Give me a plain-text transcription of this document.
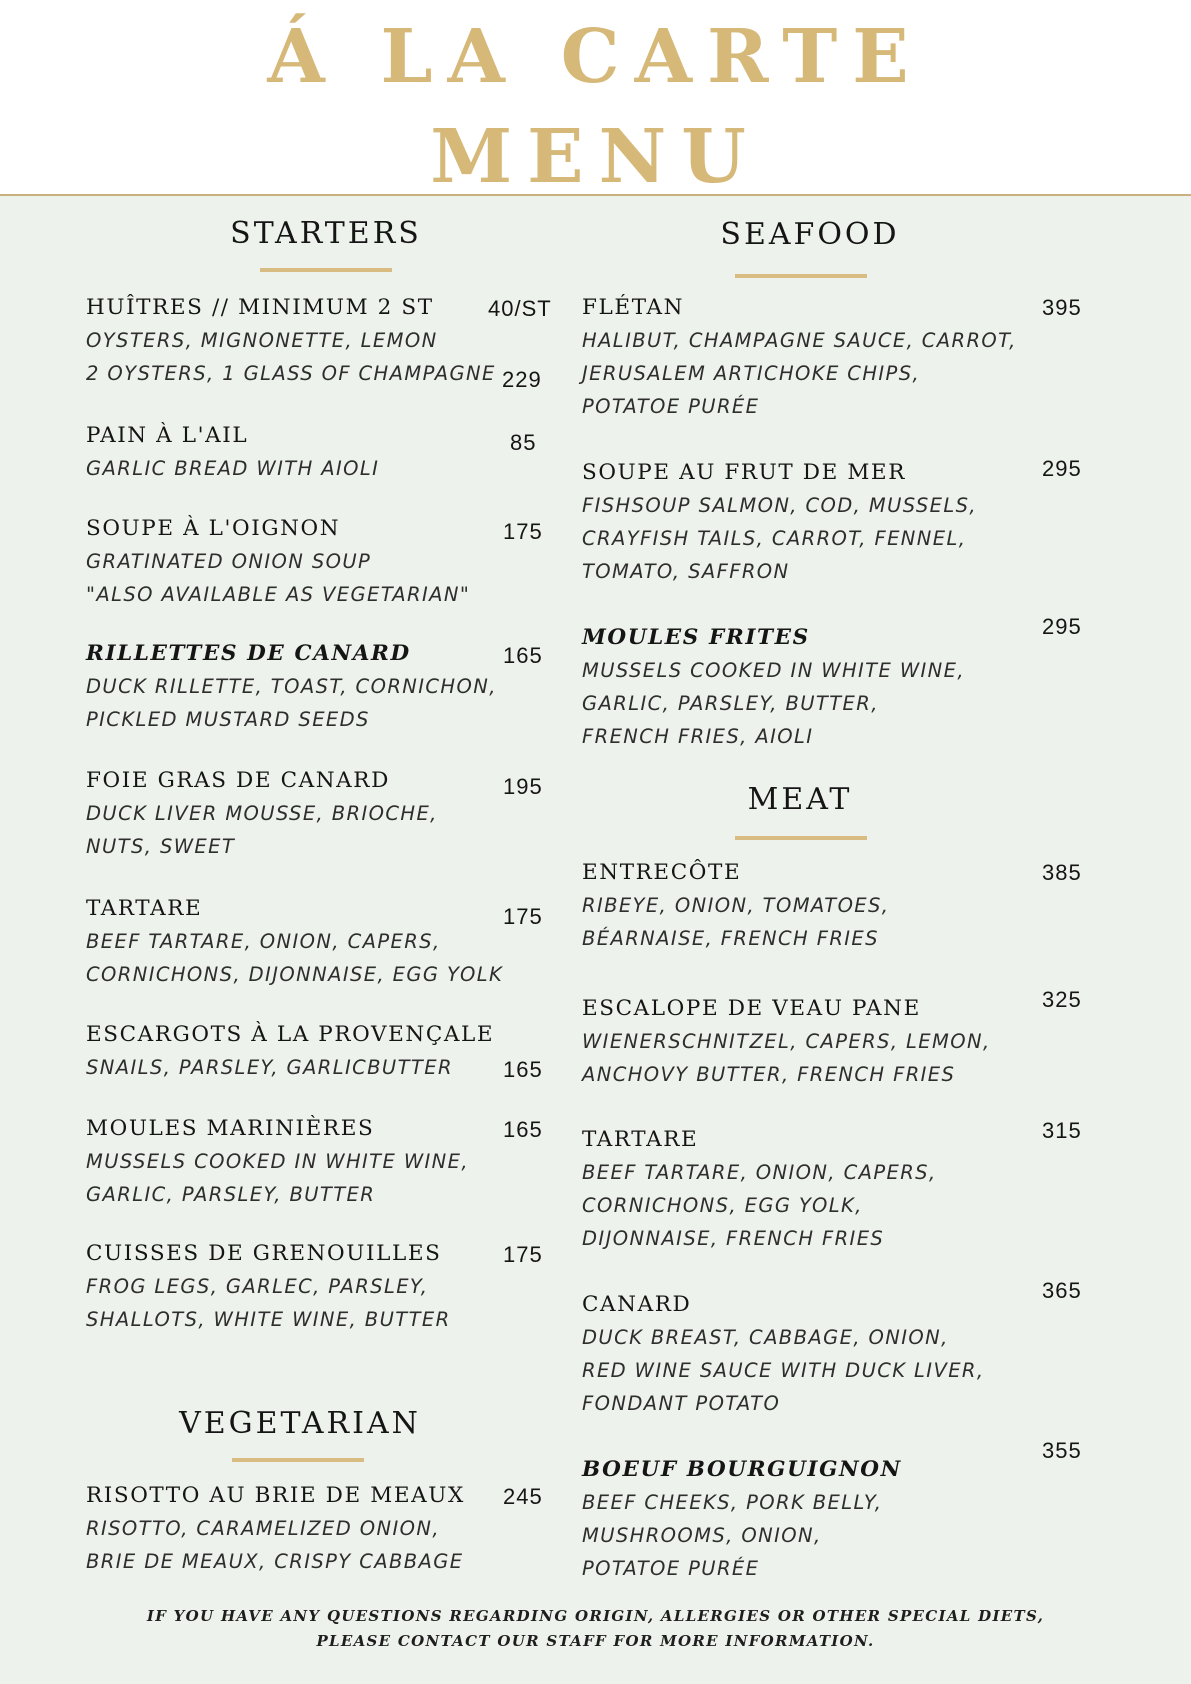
Á LA CARTE
MENU
STARTERS
HUÎTRES // MINIMUM 2 ST
OYSTERS, MIGNONETTE, LEMON
2 OYSTERS, 1 GLASS OF CHAMPAGNE
40/ST
229
PAIN À L'AIL
GARLIC BREAD WITH AIOLI
85
SOUPE À L'OIGNON
GRATINATED ONION SOUP
"ALSO AVAILABLE AS VEGETARIAN"
175
RILLETTES DE CANARD
DUCK RILLETTE, TOAST, CORNICHON,
PICKLED MUSTARD SEEDS
165
FOIE GRAS DE CANARD
DUCK LIVER MOUSSE, BRIOCHE,
NUTS, SWEET
195
TARTARE
BEEF TARTARE, ONION, CAPERS,
CORNICHONS, DIJONNAISE, EGG YOLK
175
ESCARGOTS À LA PROVENÇALE
SNAILS, PARSLEY, GARLICBUTTER	165
MOULES MARINIÈRES
MUSSELS COOKED IN WHITE WINE,
GARLIC, PARSLEY, BUTTER
165
CUISSES DE GRENOUILLES
FROG LEGS, GARLEC, PARSLEY,
SHALLOTS, WHITE WINE, BUTTER
175
VEGETARIAN
RISOTTO AU BRIE DE MEAUX
RISOTTO, CARAMELIZED ONION,
BRIE DE MEAUX, CRISPY CABBAGE
245
SEAFOOD
FLÉTAN
HALIBUT, CHAMPAGNE SAUCE, CARROT,
JERUSALEM ARTICHOKE CHIPS,
POTATOE PURÉE
395
SOUPE AU FRUT DE MER
FISHSOUP SALMON, COD, MUSSELS,
CRAYFISH TAILS, CARROT, FENNEL,
TOMATO, SAFFRON
295
MOULES FRITES
MUSSELS COOKED IN WHITE WINE,
GARLIC, PARSLEY, BUTTER,
FRENCH FRIES, AIOLI
295
MEAT
ENTRECÔTE
RIBEYE, ONION, TOMATOES,
BÉARNAISE, FRENCH FRIES
385
ESCALOPE DE VEAU PANE
WIENERSCHNITZEL, CAPERS, LEMON,
ANCHOVY BUTTER, FRENCH FRIES
325
TARTARE
BEEF TARTARE, ONION, CAPERS,
CORNICHONS, EGG YOLK,
DIJONNAISE, FRENCH FRIES
315
CANARD
DUCK BREAST, CABBAGE, ONION,
RED WINE SAUCE WITH DUCK LIVER,
FONDANT POTATO
365
BOEUF BOURGUIGNON
BEEF CHEEKS, PORK BELLY,
MUSHROOMS, ONION,
POTATOE PURÉE
355
IF YOU HAVE ANY QUESTIONS REGARDING ORIGIN, ALLERGIES OR OTHER SPECIAL DIETS,
PLEASE CONTACT OUR STAFF FOR MORE INFORMATION.
